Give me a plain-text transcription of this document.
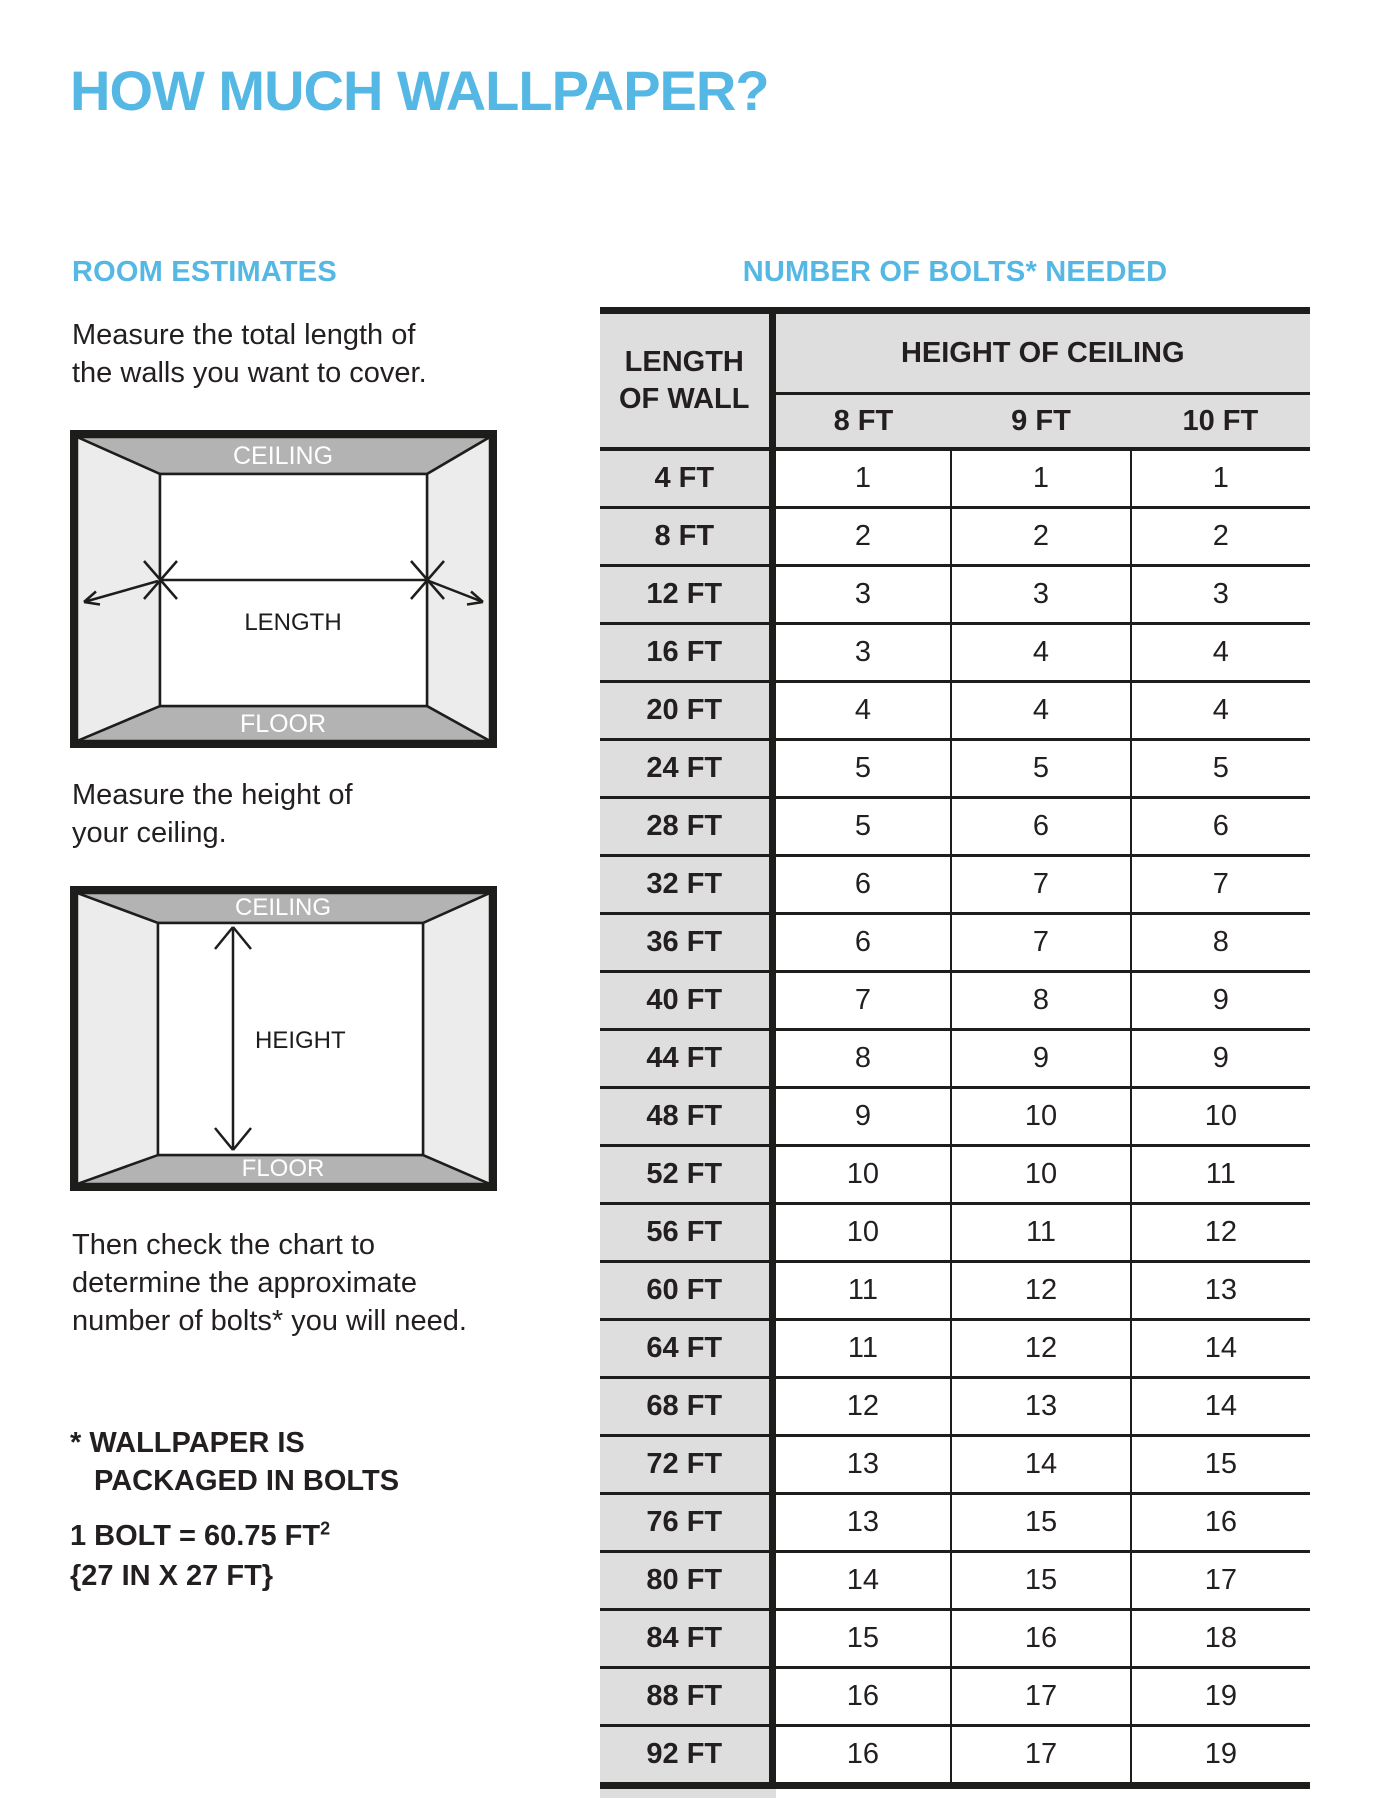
HOW MUCH WALLPAPER?
ROOM ESTIMATES

Measure the total length of
the walls you want to cover.

CEILING
FLOOR
LENGTH

Measure the height of
your ceiling.

CEILING
FLOOR
HEIGHT

Then check the chart to
determine the approximate
number of bolts* you will need.

* WALLPAPER IS
PACKAGED IN BOLTS

1 BOLT = 60.75 $FT^2$
{27 IN X 27 FT}

NUMBER OF BOLTS* NEEDED
LENGTH
OF WALL	HEIGHT OF CEILING		
	8 FT	9 FT	10 FT
4 FT	1	1	1
8 FT	2	2	2
12 FT	3	3	3
16 FT	3	4	4
20 FT	4	4	4
24 FT	5	5	5
28 FT	5	6	6
32 FT	6	7	7
36 FT	6	7	8
40 FT	7	8	9
44 FT	8	9	9
48 FT	9	10	10
52 FT	10	10	11
56 FT	10	11	12
60 FT	11	12	13
64 FT	11	12	14
68 FT	12	13	14
72 FT	13	14	15
76 FT	13	15	16
80 FT	14	15	17
84 FT	15	16	18
88 FT	16	17	19
92 FT	16	17	19
